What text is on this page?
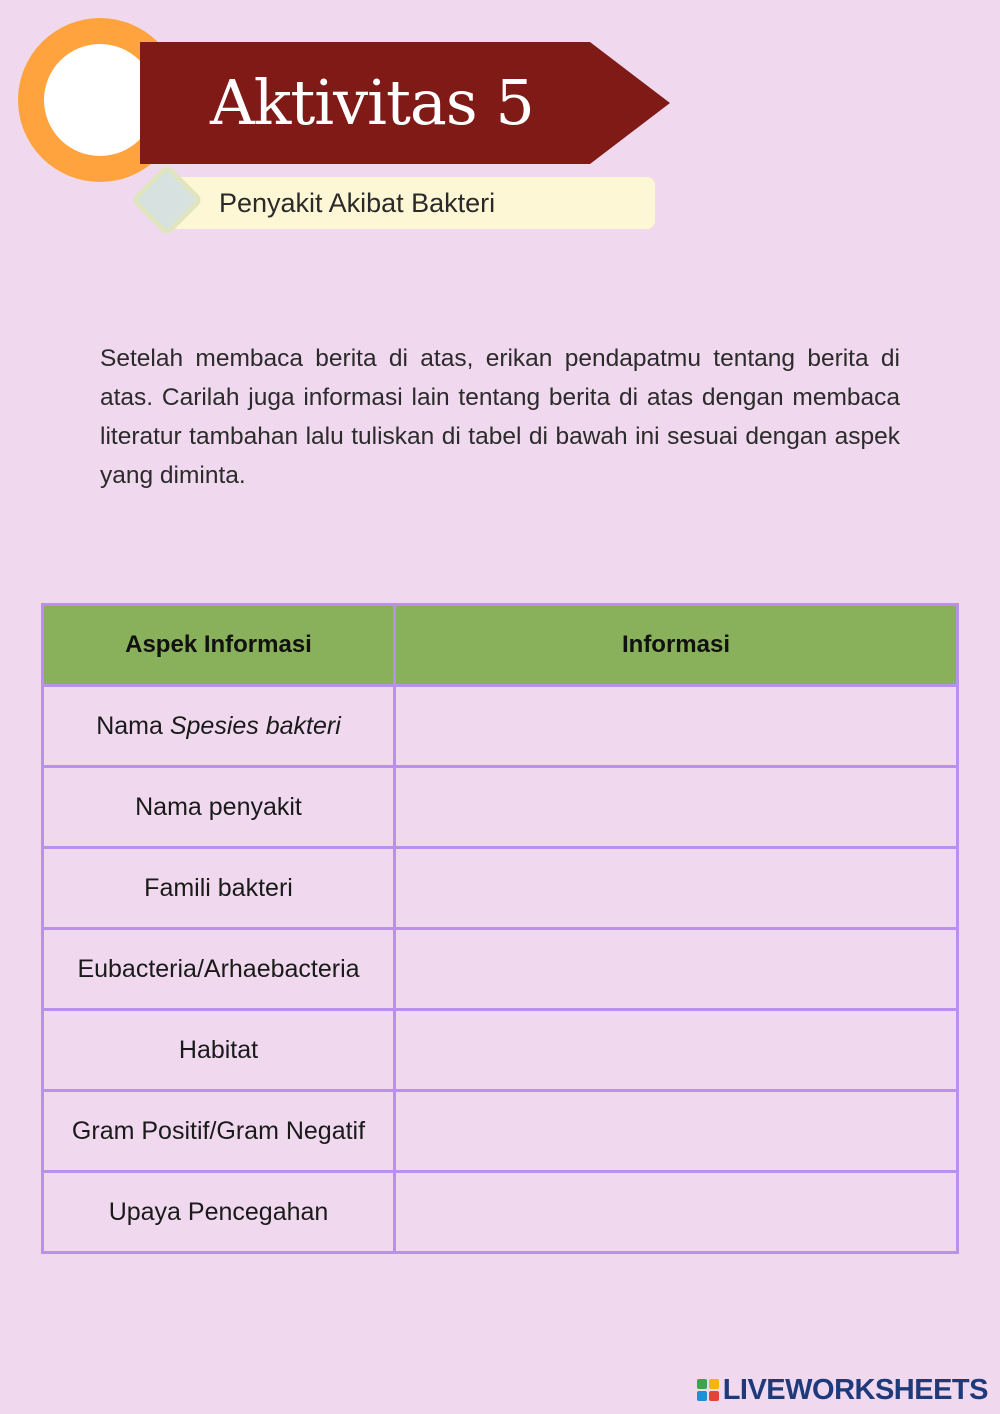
Aktivitas 5
Penyakit Akibat Bakteri

Setelah membaca berita di atas, erikan pendapatmu tentang berita di atas. Carilah juga informasi lain tentang berita di atas dengan membaca literatur tambahan lalu tuliskan di tabel di bawah ini sesuai dengan aspek yang diminta.

Aspek Informasi	Informasi
Nama Spesies bakteri	
Nama penyakit	
Famili bakteri	
Eubacteria/Arhaebacteria	
Habitat	
Gram Positif/Gram Negatif	
Upaya Pencegahan	
LIVEWORKSHEETS
